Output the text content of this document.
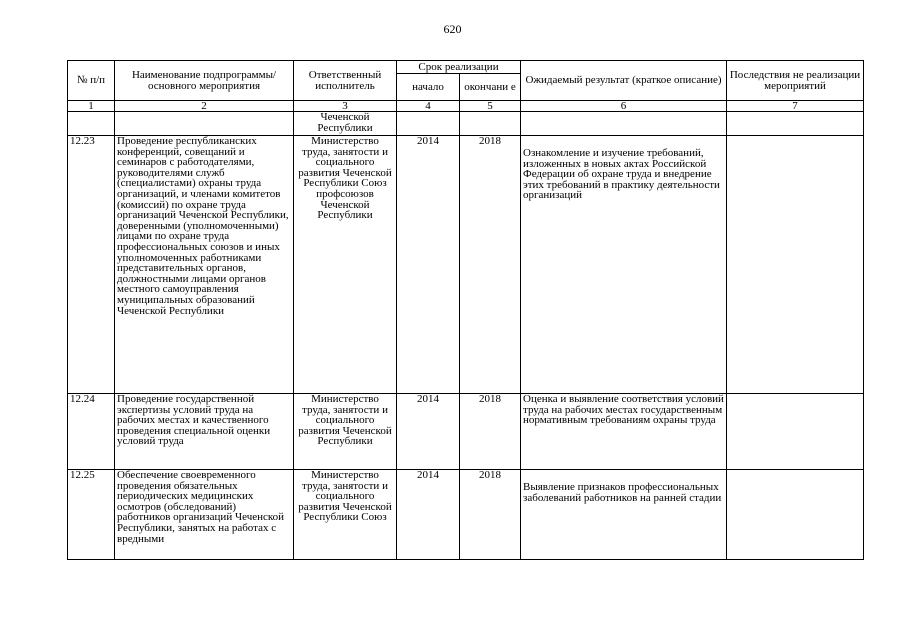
620
№ п/п	Наименование подпрограммы/ основного мероприятия	Ответственный исполнитель	Срок реализации		Ожидаемый результат (краткое описание)	Последствия не реализации мероприятий
			начало	окончани е		
1	2	3	4	5	6	7
		Чеченской Республики				
12.23	Проведение республиканских конференций, совещаний и семинаров с работодателями, руководителями служб (специалистами) охраны труда организаций, и членами комитетов (комиссий) по охране труда организаций Чеченской Республики, доверенными (уполномоченными) лицами по охране труда профессиональных союзов и иных уполномоченных работниками представительных органов, должностными лицами органов местного самоуправления муниципальных образований Чеченской Республики	Министерство труда, занятости и социального развития Чеченской Республики Союз профсоюзов Чеченской Республики	2014	2018	Ознакомление и изучение требований, изложенных в новых актах Российской Федерации об охране труда и внедрение этих требований в практику деятельности организаций	
12.24	Проведение государственной экспертизы условий труда на рабочих местах и качественного проведения специальной оценки условий труда	Министерство труда, занятости и социального развития Чеченской Республики	2014	2018	Оценка и выявление соответствия условий труда на рабочих местах государственным нормативным требованиям охраны труда	
12.25	Обеспечение своевременного проведения обязательных периодических медицинских осмотров (обследований) работников организаций Чеченской Республики, занятых на работах с вредными	Министерство труда, занятости и социального развития Чеченской Республики Союз	2014	2018	Выявление признаков профессиональных заболеваний работников на ранней стадии	
